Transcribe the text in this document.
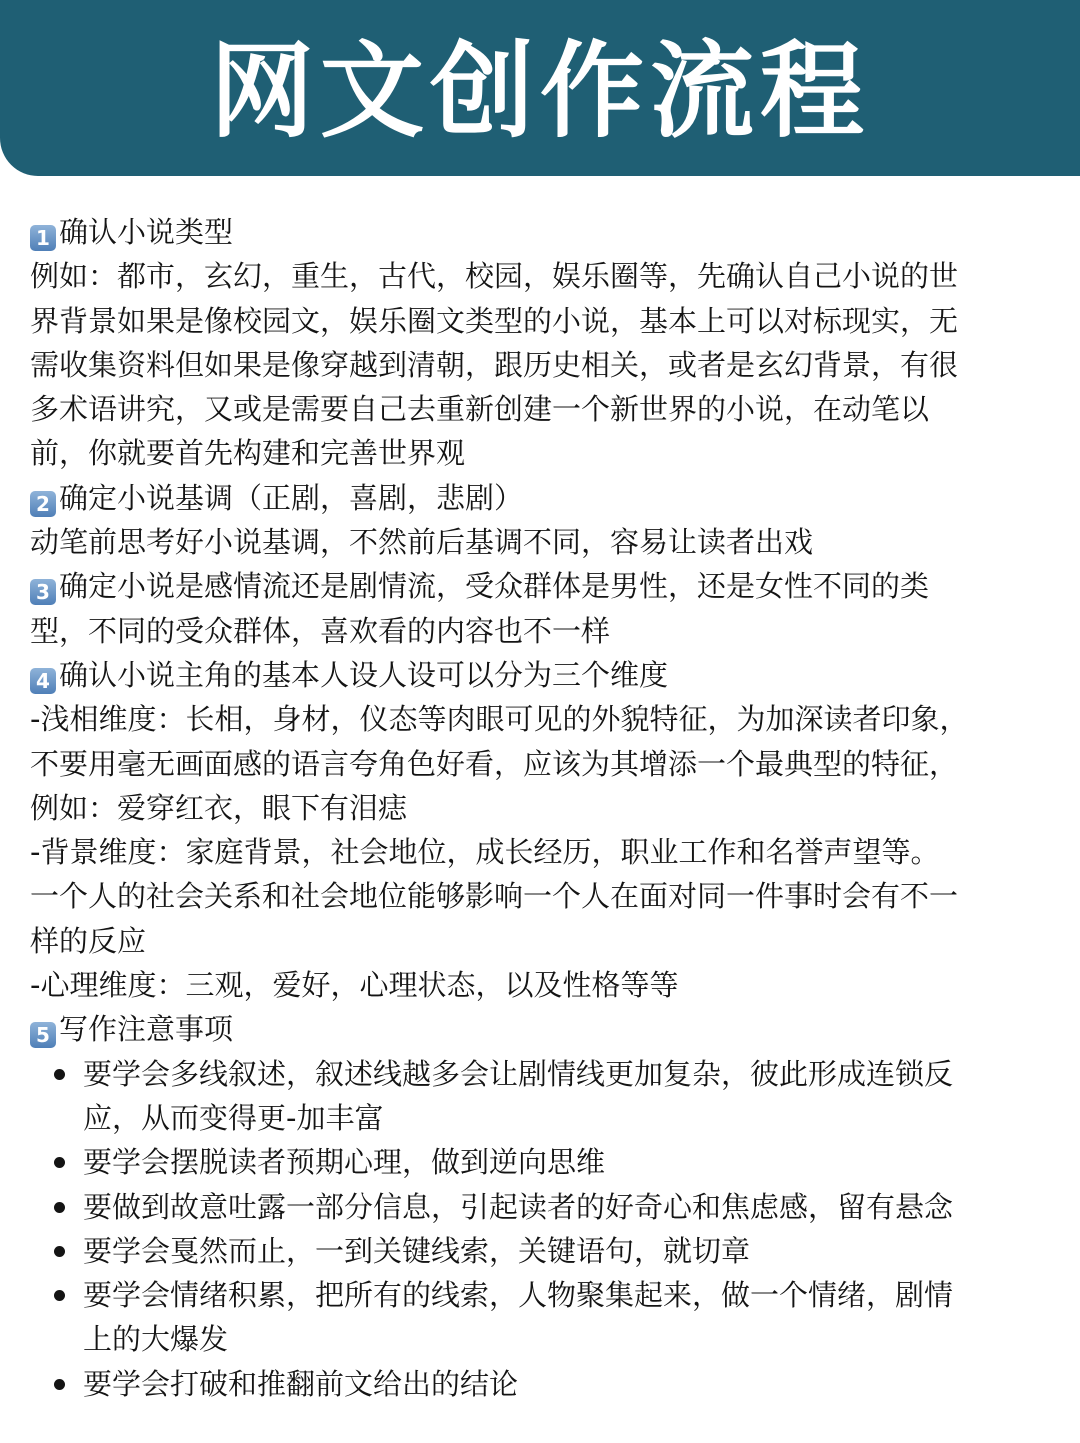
网文创作流程

1 确认小说类型

例如：都市，玄幻，重生，古代，校园，娱乐圈等，先确认自己小说的世

界背景如果是像校园文，娱乐圈文类型的小说，基本上可以对标现实，无

需收集资料但如果是像穿越到清朝，跟历史相关，或者是玄幻背景，有很

多术语讲究，又或是需要自己去重新创建一个新世界的小说，在动笔以

前，你就要首先构建和完善世界观

2 确定小说基调（正剧，喜剧，悲剧）

动笔前思考好小说基调，不然前后基调不同，容易让读者出戏

3 确定小说是感情流还是剧情流，受众群体是男性，还是女性不同的类

型，不同的受众群体，喜欢看的内容也不一样

4 确认小说主角的基本人设人设可以分为三个维度

-浅相维度：长相，身材，仪态等肉眼可见的外貌特征，为加深读者印象，

不要用毫无画面感的语言夸角色好看，应该为其增添一个最典型的特征，

例如：爱穿红衣，眼下有泪痣

-背景维度：家庭背景，社会地位，成长经历，职业工作和名誉声望等。

一个人的社会关系和社会地位能够影响一个人在面对同一件事时会有不一

样的反应

-心理维度：三观，爱好，心理状态，以及性格等等

5 写作注意事项

要学会多线叙述，叙述线越多会让剧情线更加复杂，彼此形成连锁反
应，从而变得更-加丰富
要学会摆脱读者预期心理，做到逆向思维
要做到故意吐露一部分信息，引起读者的好奇心和焦虑感，留有悬念
要学会戛然而止，一到关键线索，关键语句，就切章
要学会情绪积累，把所有的线索，人物聚集起来，做一个情绪，剧情
上的大爆发
要学会打破和推翻前文给出的结论
